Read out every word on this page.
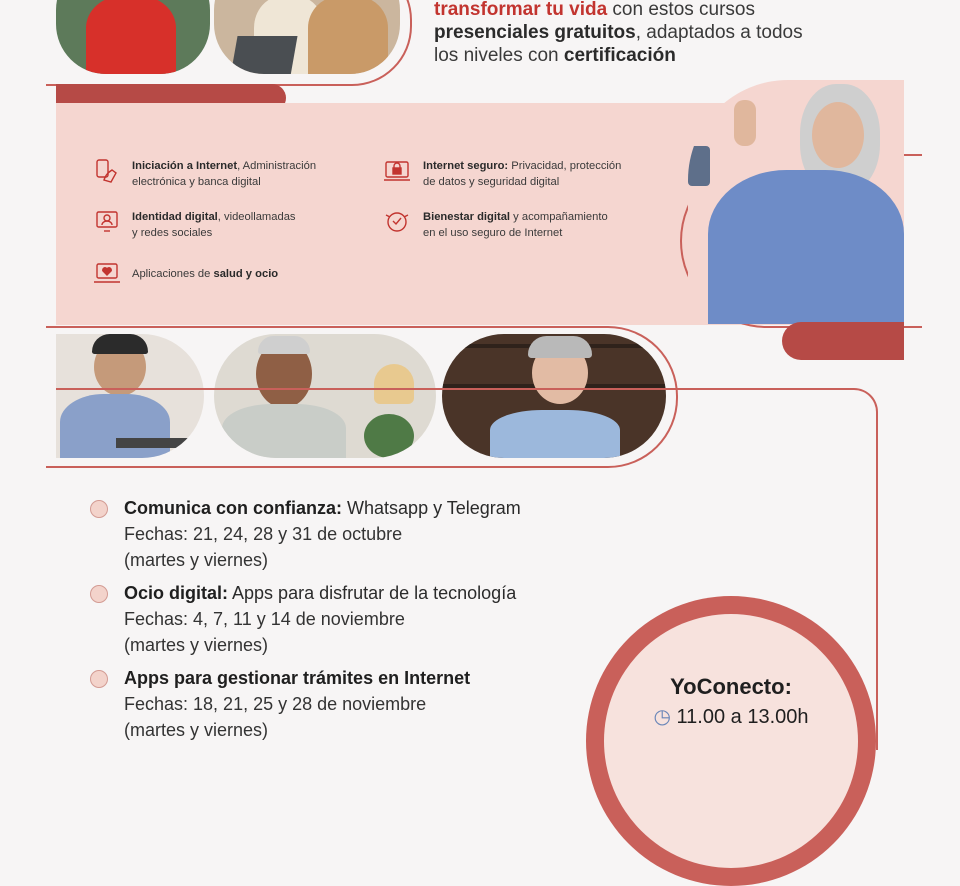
transformar tu vida con estos cursos
presenciales gratuitos, adaptados a todos
los niveles con certificación
Iniciación a Internet, Administración
electrónica y banca digital
Internet seguro: Privacidad, protección
de datos y seguridad digital
Identidad digital, videollamadas
y redes sociales
Bienestar digital y acompañamiento
en el uso seguro de Internet
Aplicaciones de salud y ocio
Comunica con confianza: Whatsapp y Telegram
Fechas: 21, 24, 28 y 31 de octubre
(martes y viernes)
Ocio digital: Apps para disfrutar de la tecnología
Fechas: 4, 7, 11 y 14 de noviembre
(martes y viernes)
Apps para gestionar trámites en Internet
Fechas: 18, 21, 25 y 28 de noviembre
(martes y viernes)
YoConecto:
◷ 11.00 a 13.00h
